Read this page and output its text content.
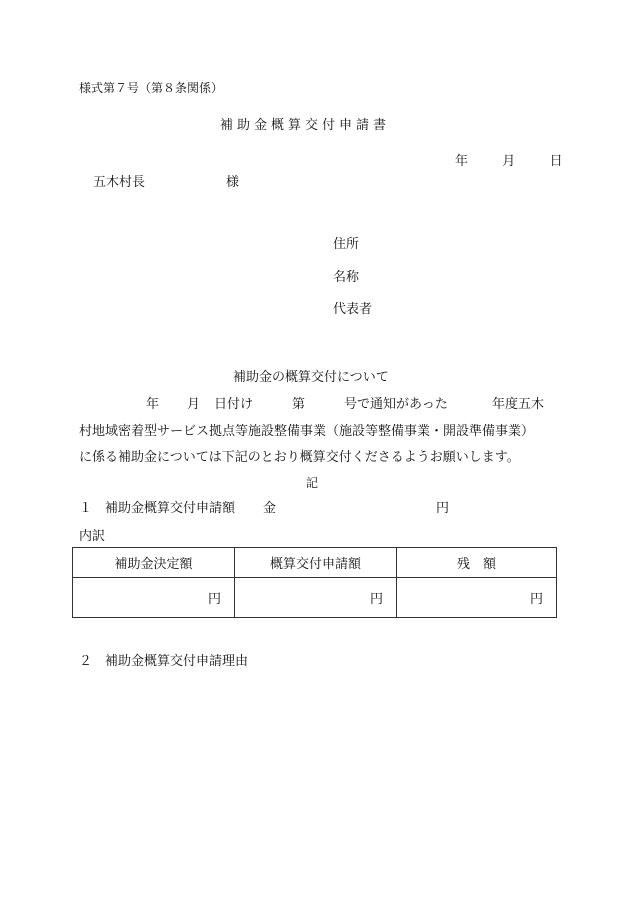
様式第７号（第８条関係）
補助金概算交付申請書
年	月	日
五木村長	様
住所
名称
代表者
補助金の概算交付について
年 月 日付け	第	号で通知があった	年度五木
村地域密着型サービス拠点等施設整備事業（施設等整備事業・開設準備事業）
に係る補助金については下記のとおり概算交付くださるようお願いします。
記
１　補助金概算交付申請額 金	円
内訳
補助金決定額	概算交付申請額	残　額
円	円	円
２　補助金概算交付申請理由
